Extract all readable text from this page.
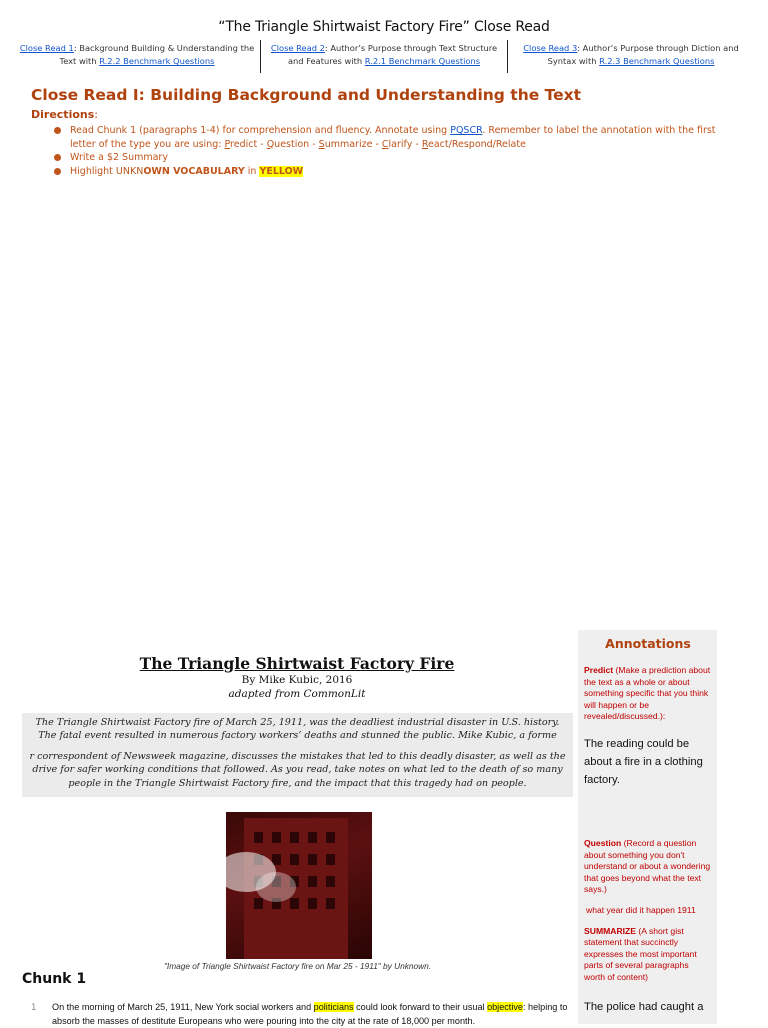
“The Triangle Shirtwaist Factory Fire” Close Read
Close Read 1: Background Building & Understanding the Text with R.2.2 Benchmark Questions
Close Read 2: Author’s Purpose through Text Structure and Features with R.2.1 Benchmark Questions
Close Read 3: Author’s Purpose through Diction and Syntax with R.2.3 Benchmark Questions
Close Read I: Building Background and Understanding the Text
Directions:
Read Chunk 1 (paragraphs 1-4) for comprehension and fluency. Annotate using PQSCR. Remember to label the annotation with the first letter of the type you are using: Predict - Question - Summarize - Clarify - React/Respond/Relate
Write a $2 Summary
Highlight UNKNOWN VOCABULARY in YELLOW
Annotations
Predict (Make a prediction about the text as a whole or about something specific that you think will happen or be revealed/discussed.):
The reading could be about a fire in a clothing factory.
Question (Record a question about something you don't understand or about a wondering that goes beyond what the text says.)
what year did it happen 1911
SUMMARIZE (A short gist statement that succinctly expresses the most important parts of several paragraphs worth of content)
The police had caught a
The Triangle Shirtwaist Factory Fire
By Mike Kubic, 2016
adapted from CommonLit

The Triangle Shirtwaist Factory fire of March 25, 1911, was the deadliest industrial disaster in U.S. history. The fatal event resulted in numerous factory workers’ deaths and stunned the public. Mike Kubic, a forme

r correspondent of Newsweek magazine, discusses the mistakes that led to this deadly disaster, as well as the drive for safer working conditions that followed. As you read, take notes on what led to the death of so many people in the Triangle Shirtwaist Factory fire, and the impact that this tragedy had on people.

"Image of Triangle Shirtwaist Factory fire on Mar 25 - 1911" by Unknown.
Chunk 1
1 On the morning of March 25, 1911, New York social workers and politicians could look forward to their usual objective: helping to absorb the masses of destitute Europeans who were pouring into the city at the rate of 18,000 per month.
